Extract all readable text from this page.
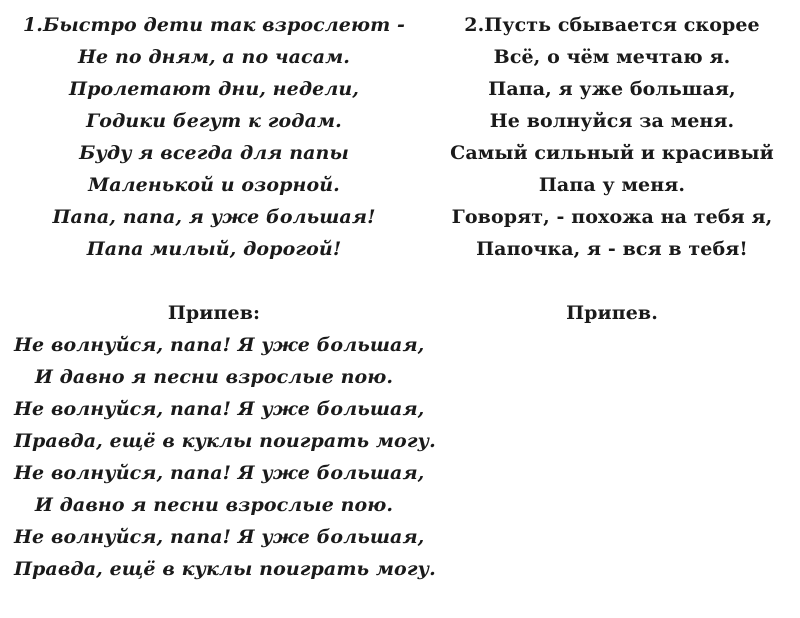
1.Быстро дети так взрослеют -
Не по дням, а по часам.
Пролетают дни, недели,
Годики бегут к годам.
Буду я всегда для папы
Маленькой и озорной.
Папа, папа, я уже большая!
Папа милый, дорогой!
Припев:
Не волнуйся, папа! Я уже большая,
И давно я песни взрослые пою.
Не волнуйся, папа! Я уже большая,
Правда, ещё в куклы поиграть могу.
Не волнуйся, папа! Я уже большая,
И давно я песни взрослые пою.
Не волнуйся, папа! Я уже большая,
Правда, ещё в куклы поиграть могу.
2.Пусть сбывается скорее
Всё, о чём мечтаю я.
Папа, я уже большая,
Не волнуйся за меня.
Самый сильный и красивый
Папа у меня.
Говорят, - похожа на тебя я,
Папочка, я - вся в тебя!
Припев.
